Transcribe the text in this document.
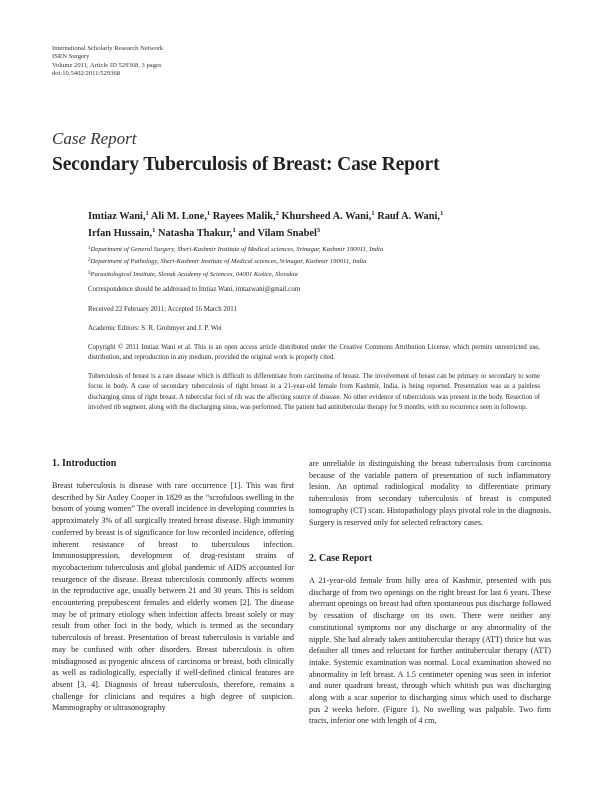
International Scholarly Research Network
ISRN Surgery
Volume 2011, Article ID 529368, 3 pages
doi:10.5402/2011/529368
Case Report
Secondary Tuberculosis of Breast: Case Report
Imtiaz Wani,$^1$ Ali M. Lone,$^1$ Rayees Malik,$^2$ Khursheed A. Wani,$^1$ Rauf A. Wani,$^1$
Irfan Hussain,$^1$ Natasha Thakur,$^1$ and Vilam Snabel$^3$
$^1$Department of General Surgery, Sheri-Kashmir Institute of Medical sciences, Srinagar, Kashmir 190011, India
$^2$Department of Pathology, Sheri-Kashmir Institute of Medical sciences, Srinagar, Kashmir 190011, India
$^3$Parasitological Institute, Slovak Academy of Sciences, 04001 Košice, Slovakia
Correspondence should be addressed to Imtiaz Wani, imtazwani@gmail.com
Received 22 February 2011; Accepted 16 March 2011
Academic Editors: S. R. Grobmyer and J. P. Wei
Copyright © 2011 Imtiaz Wani et al. This is an open access article distributed under the Creative Commons Attribution License, which permits unrestricted use, distribution, and reproduction in any medium, provided the original work is properly cited.
Tuberculosis of breast is a rare disease which is difficult to differentiate from carcinoma of breast. The involvement of breast can be primary or secondary to some focus in body. A case of secondary tuberculosis of right breast in a 21-year-old female from Kashmir, India, is being reported. Presentation was as a painless discharging sinus of right breast. A tubercular foci of rib was the affecting source of disease. No other evidence of tuberculosis was present in the body. Resection of involved rib segment, along with the discharging sinus, was performed. The patient had antitubercular therapy for 9 months, with no recurrence seen in followup.
1. Introduction
Breast tuberculosis is disease with rare occurrence [1]. This was first described by Sir Astley Cooper in 1829 as the “scrofulous swelling in the bosom of young women” The overall incidence in developing countries is approximately 3% of all surgically treated breast disease. High immunity conferred by breast is of significance for low recorded incidence, offering inherent resistance of breast to tuberculous infection. Immunosuppression, development of drug-resistant strains of mycobacterium tuberculosis and global pandemic of AIDS accounted for resurgence of the disease. Breast tuberculosis commonly affects women in the reproductive age, usually between 21 and 30 years. This is seldom encountering prepubescent females and elderly women [2]. The disease may be of primary etiology when infection affects breast solely or may result from other foci in the body, which is termed as the secondary tuberculosis of breast. Presentation of breast tuberculosis is variable and may be confused with other disorders. Breast tuberculosis is often misdiagnosed as pyogenic abscess of carcinoma or breast, both clinically as well as radiologically, especially if well-defined clinical features are absent [3, 4]. Diagnosis of breast tuberculosis, therefore, remains a challenge for clinicians and requires a high degree of suspicion. Mammography or ultrasonography
are unreliable in distinguishing the breast tuberculosis from carcinoma because of the variable pattern of presentation of such inflammatory lesion. An optimal radiological modality to differentiate primary tuberculosis from secondary tuberculosis of breast is computed tomography (CT) scan. Histopathology plays pivotal role in the diagnosis. Surgery is reserved only for selected refractory cases.
2. Case Report
A 21-year-old female from hilly area of Kashmir, presented with pus discharge of from two openings on the right breast for last 6 years. These aberrant openings on breast had often spontaneous pus discharge followed by cessation of discharge on its own. There were neither any constitutional symptoms nor any discharge or any abnormality of the nipple. She had already taken antitubercular therapy (ATT) thrice but was defaulter all times and reluctant for further antitubercular therapy (ATT) intake. Systemic examination was normal. Local examination showed no abnormality in left breast. A 1.5 centimeter opening was seen in inferior and outer quadrant breast, through which whitish pus was discharging along with a scar superior to discharging sinus which used to discharge pus 2 weeks before. (Figure 1). No swelling was palpable. Two firm tracts, inferior one with length of 4 cm,
